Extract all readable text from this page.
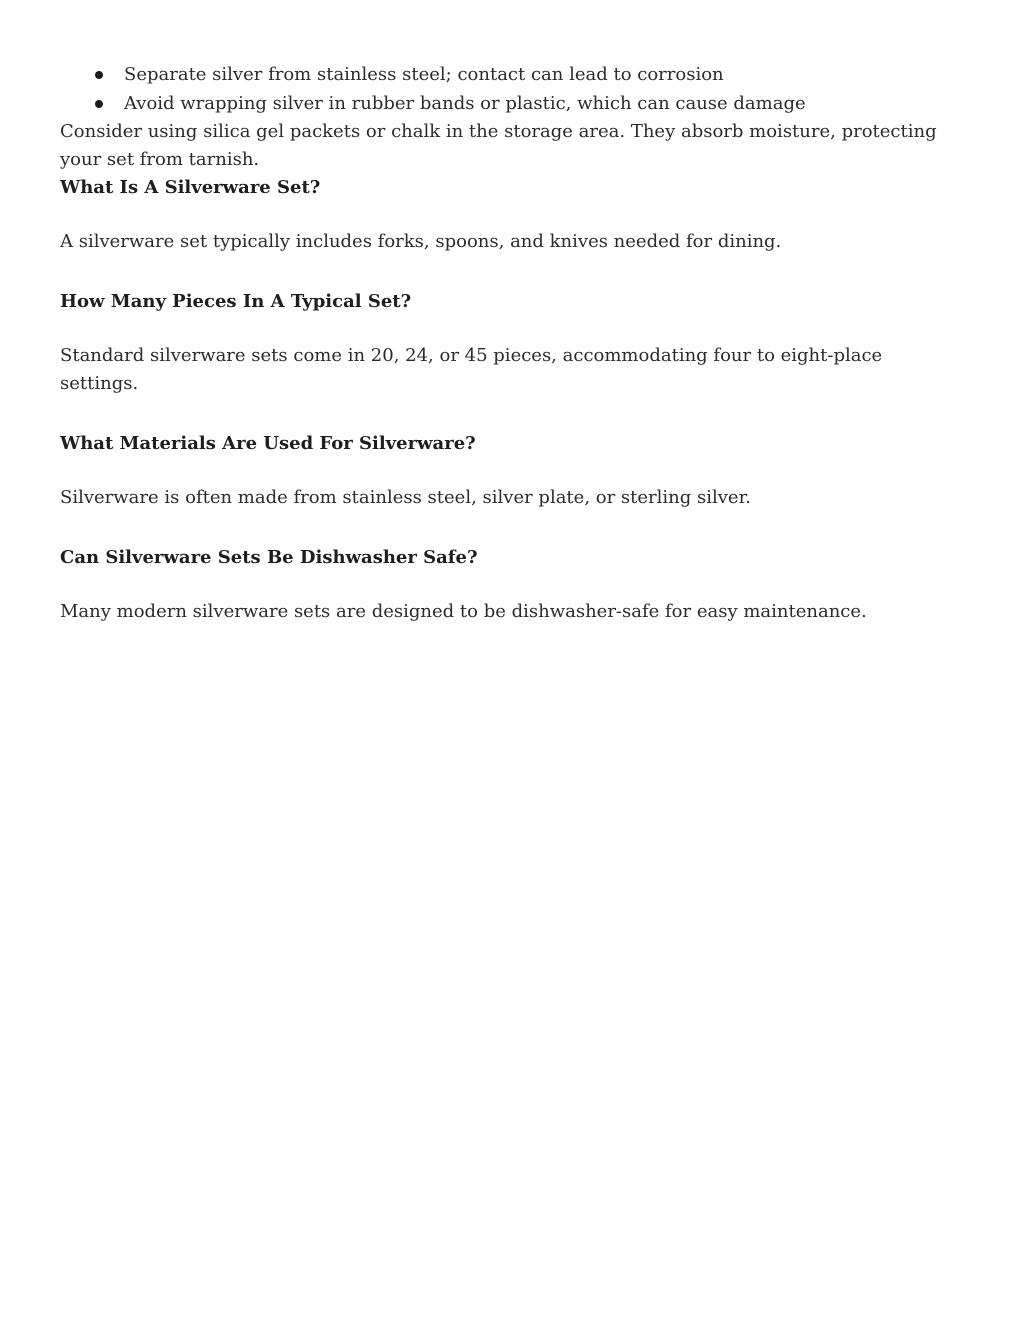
Separate silver from stainless steel; contact can lead to corrosion
Avoid wrapping silver in rubber bands or plastic, which can cause damage

Consider using silica gel packets or chalk in the storage area. They absorb moisture, protecting your set from tarnish.

What Is A Silverware Set?

A silverware set typically includes forks, spoons, and knives needed for dining.

How Many Pieces In A Typical Set?

Standard silverware sets come in 20, 24, or 45 pieces, accommodating four to eight-place settings.

What Materials Are Used For Silverware?

Silverware is often made from stainless steel, silver plate, or sterling silver.

Can Silverware Sets Be Dishwasher Safe?

Many modern silverware sets are designed to be dishwasher-safe for easy maintenance.
